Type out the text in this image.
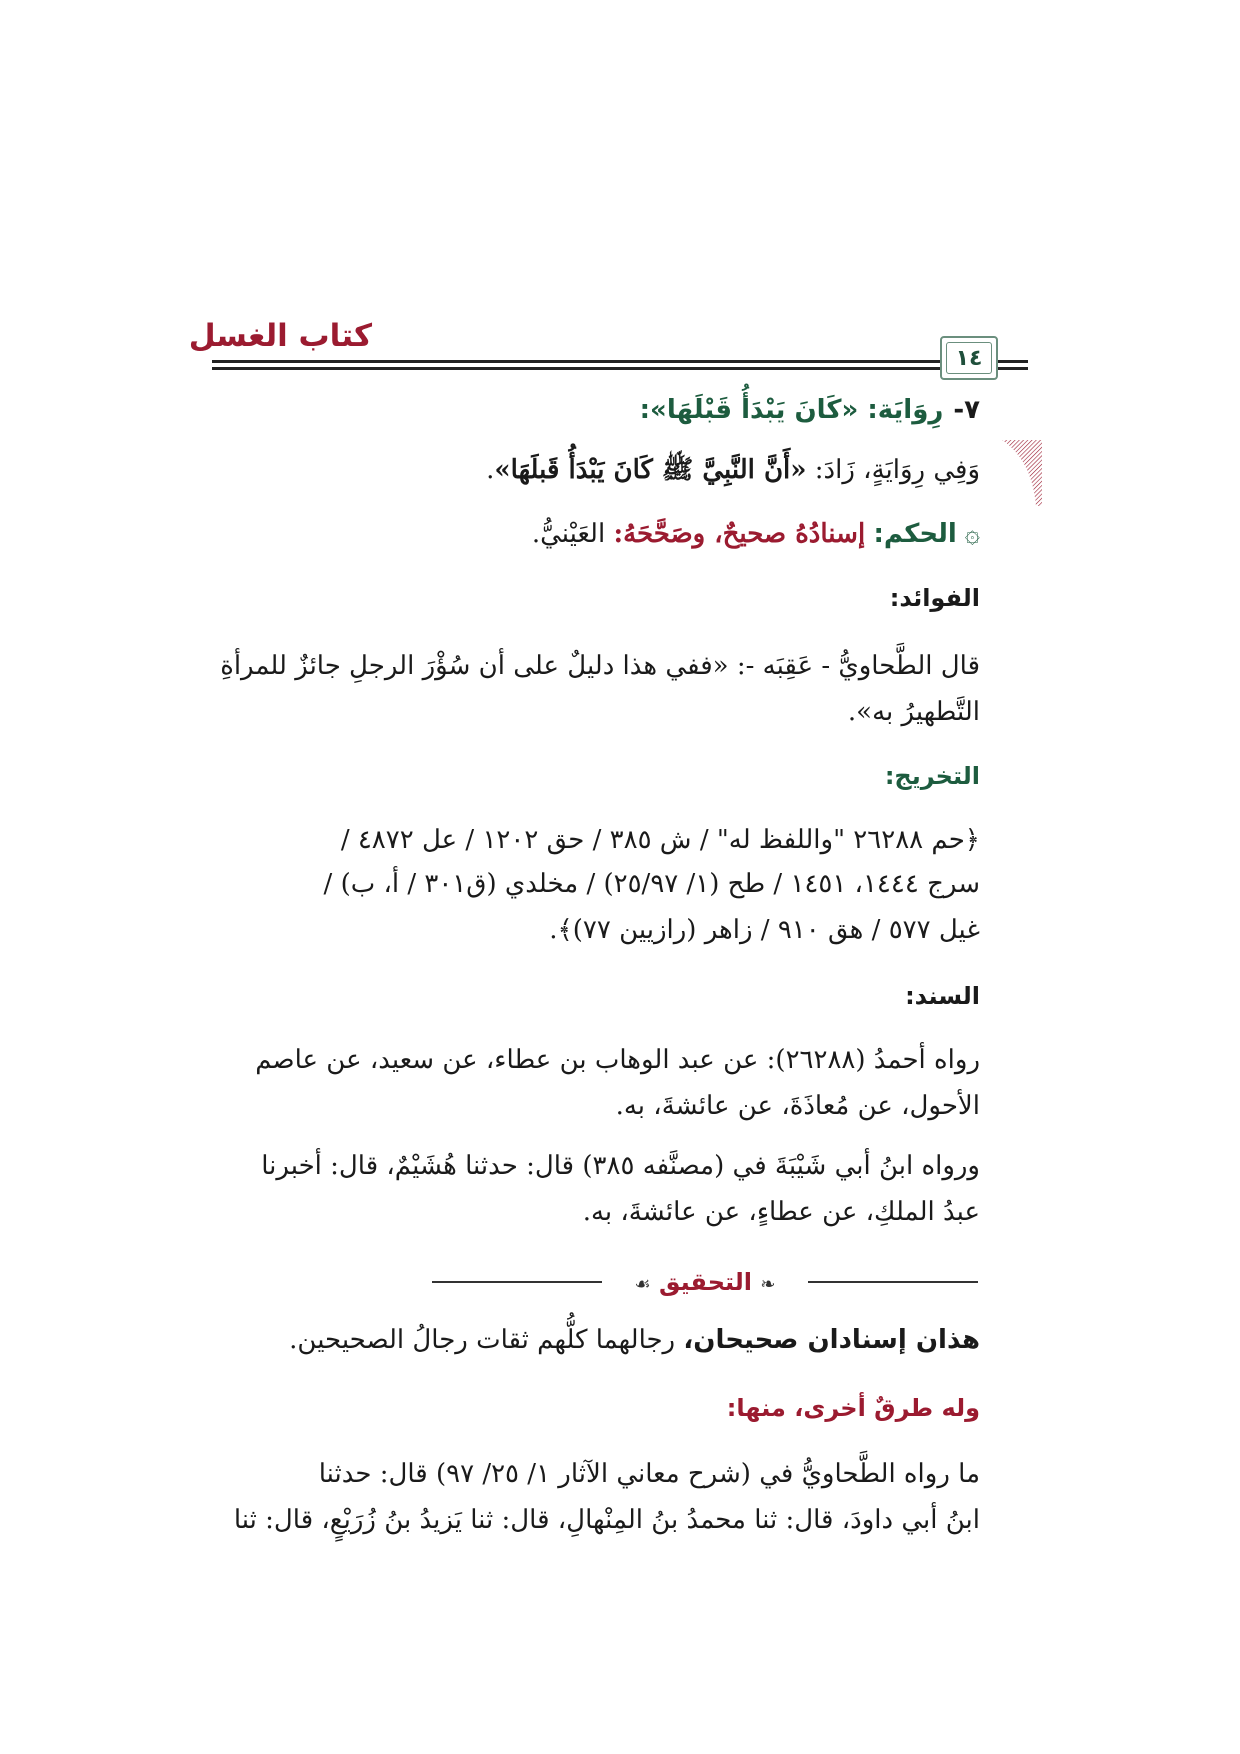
كتاب الغسل
١٤
٧-رِوَايَة: «كَانَ يَبْدَأُ قَبْلَهَا»:
وَفِي رِوَايَةٍ، زَادَ: «أَنَّ النَّبِيَّ ﷺ كَانَ يَبْدَأُ قَبلَهَا».
۞الحكم: إسنادُهُ صحيحٌ، وصَحَّحَهُ: العَيْنيُّ.
الفوائد:
قال الطَّحاويُّ - عَقِبَه -: «ففي هذا دليلٌ على أن سُؤْرَ الرجلِ جائزٌ للمرأةِ
التَّطهيرُ به».
التخريج:
﴿حم ٢٦٢٨٨ "واللفظ له" / ش ٣٨٥ / حق ١٢٠٢ / عل ٤٨٧٢ /
سرج ١٤٤٤، ١٤٥١ / طح (١/ ٢٥/٩٧) / مخلدي (ق٣٠١ / أ، ب) /
غيل ٥٧٧ / هق ٩١٠ / زاهر (رازيين ٧٧)﴾.
السند:
رواه أحمدُ (٢٦٢٨٨): عن عبد الوهاب بن عطاء، عن سعيد، عن عاصم
الأحول، عن مُعاذَةَ، عن عائشةَ، به.
ورواه ابنُ أبي شَيْبَةَ في (مصنَّفه ٣٨٥) قال: حدثنا هُشَيْمٌ، قال: أخبرنا
عبدُ الملكِ، عن عطاءٍ، عن عائشةَ، به.
❧ التحقيق ☙
هذان إسنادان صحيحان، رجالهما كلُّهم ثقات رجالُ الصحيحين.
وله طرقٌ أخرى، منها:
ما رواه الطَّحاويُّ في (شرح معاني الآثار ١/ ٢٥/ ٩٧) قال: حدثنا
ابنُ أبي داودَ، قال: ثنا محمدُ بنُ المِنْهالِ، قال: ثنا يَزيدُ بنُ زُرَيْعٍ، قال: ثنا
